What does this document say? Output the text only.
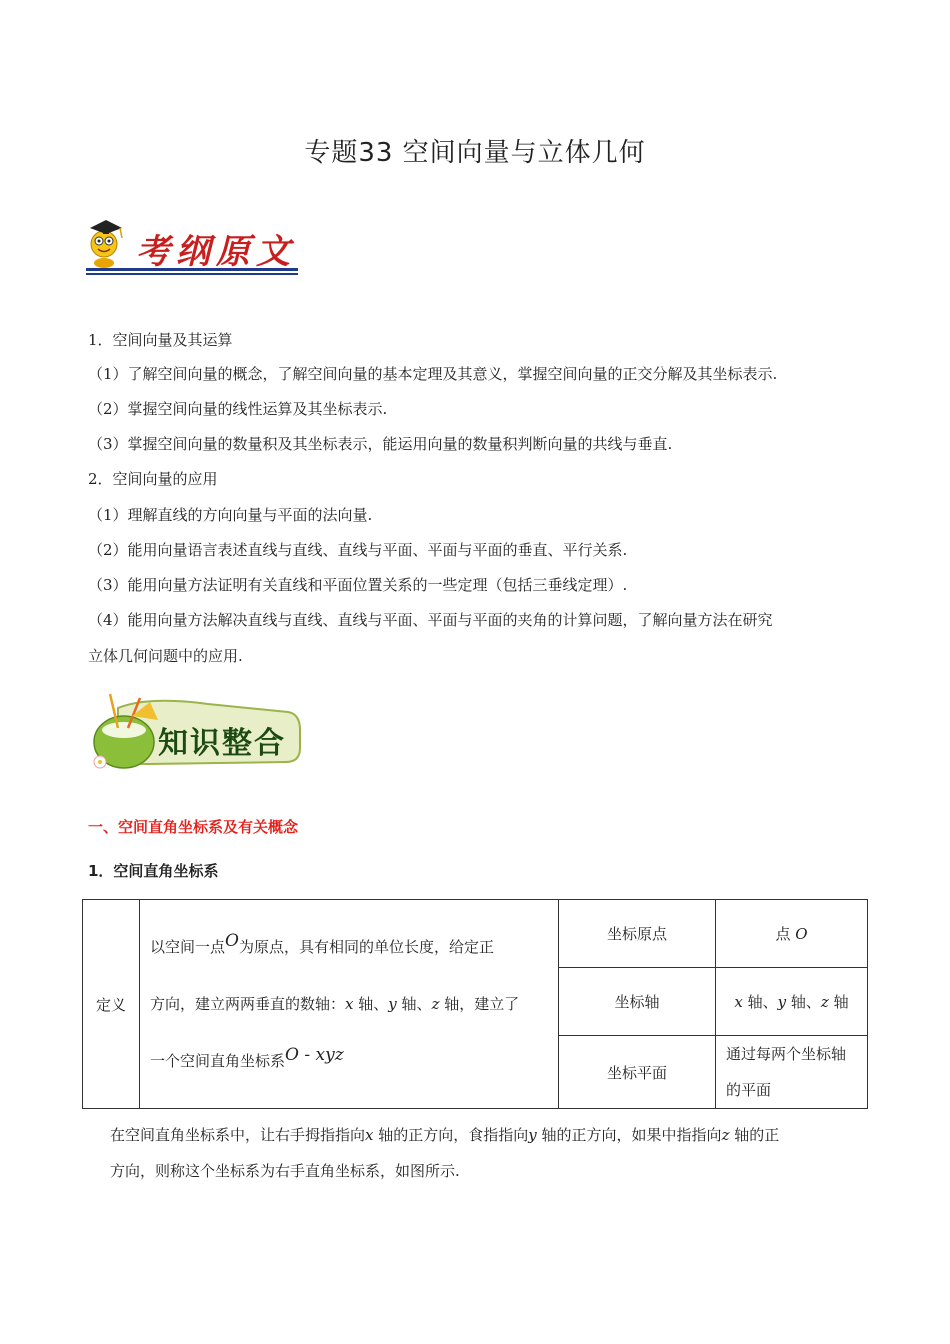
专题33 空间向量与立体几何
考纲原文
1．空间向量及其运算
（1）了解空间向量的概念，了解空间向量的基本定理及其意义，掌握空间向量的正交分解及其坐标表示.
（2）掌握空间向量的线性运算及其坐标表示.
（3）掌握空间向量的数量积及其坐标表示，能运用向量的数量积判断向量的共线与垂直.
2．空间向量的应用
（1）理解直线的方向向量与平面的法向量.
（2）能用向量语言表述直线与直线、直线与平面、平面与平面的垂直、平行关系.
（3）能用向量方法证明有关直线和平面位置关系的一些定理（包括三垂线定理）.
（4）能用向量方法解决直线与直线、直线与平面、平面与平面的夹角的计算问题，了解向量方法在研究
立体几何问题中的应用.
知识整合
一、空间直角坐标系及有关概念
1．空间直角坐标系
定义	以空间一点O为原点，具有相同的单位长度，给定正
方向，建立两两垂直的数轴：x 轴、y 轴、z 轴，建立了
一个空间直角坐标系O - xyz	坐标原点	点 O
		坐标轴	x 轴、y 轴、z 轴
		坐标平面	通过每两个坐标轴
的平面
在空间直角坐标系中，让右手拇指指向x 轴的正方向，食指指向y 轴的正方向，如果中指指向z 轴的正
方向，则称这个坐标系为右手直角坐标系，如图所示.
